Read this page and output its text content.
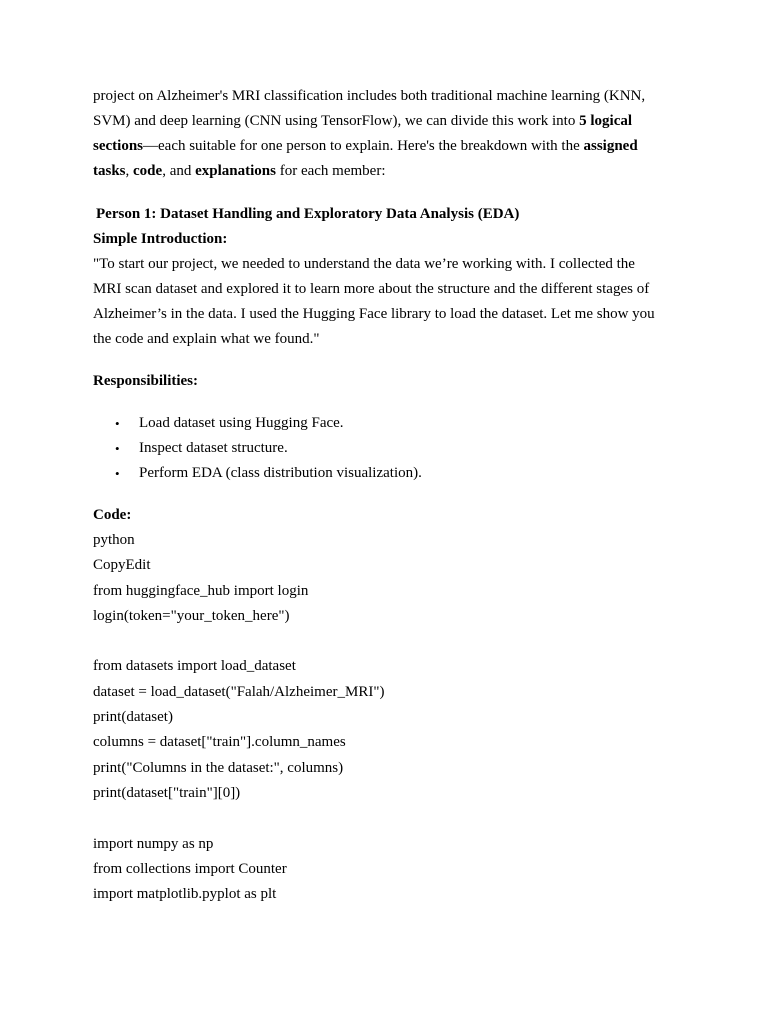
project on Alzheimer's MRI classification includes both traditional machine learning (KNN,

SVM) and deep learning (CNN using TensorFlow), we can divide this work into 5 logical

sections—each suitable for one person to explain. Here's the breakdown with the assigned

tasks, code, and explanations for each member:

Person 1: Dataset Handling and Exploratory Data Analysis (EDA)

Simple Introduction:

"To start our project, we needed to understand the data we’re working with. I collected the

MRI scan dataset and explored it to learn more about the structure and the different stages of

Alzheimer’s in the data. I used the Hugging Face library to load the dataset. Let me show you

the code and explain what we found."

Responsibilities:

• Load dataset using Hugging Face.
• Inspect dataset structure.
• Perform EDA (class distribution visualization).

Code:

python

CopyEdit

from huggingface_hub import login

login(token="your_token_here")

from datasets import load_dataset

dataset = load_dataset("Falah/Alzheimer_MRI")

print(dataset)

columns = dataset["train"].column_names

print("Columns in the dataset:", columns)

print(dataset["train"][0])

import numpy as np

from collections import Counter

import matplotlib.pyplot as plt
